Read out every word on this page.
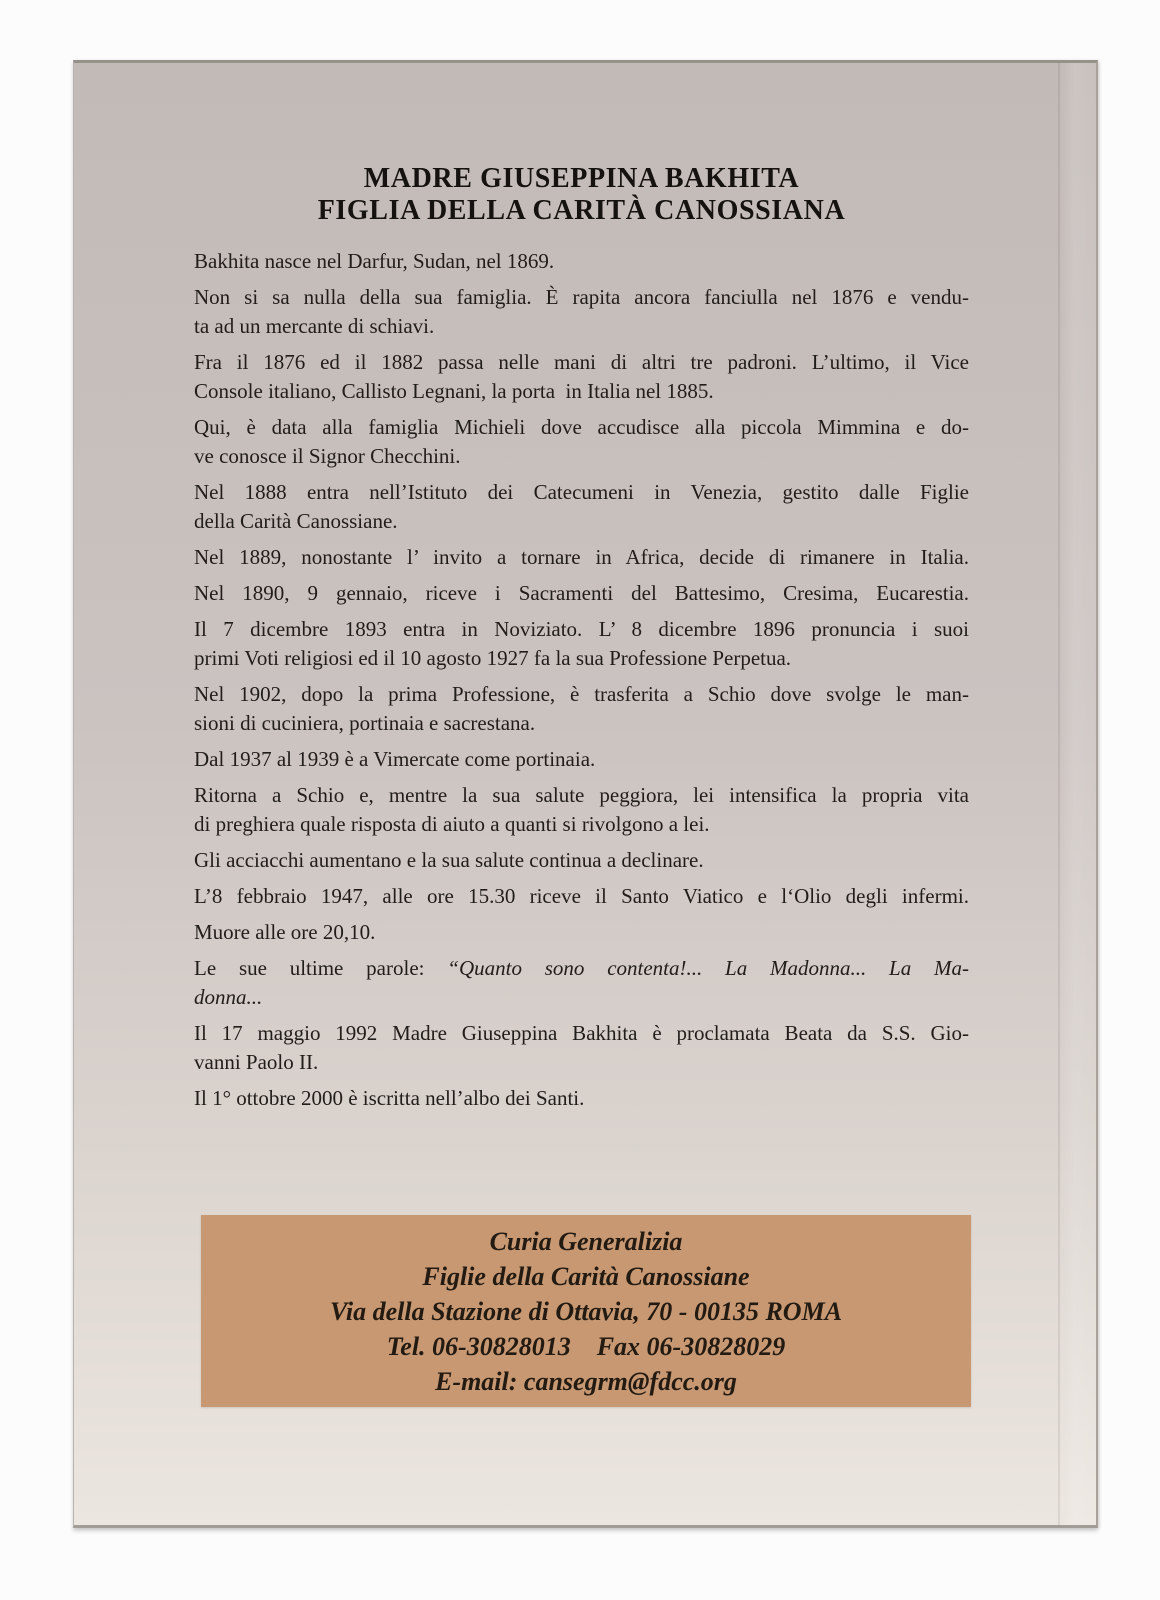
MADRE GIUSEPPINA BAKHITA
FIGLIA DELLA CARITÀ CANOSSIANA

Bakhita nasce nel Darfur, Sudan, nel 1869.

Non si sa nulla della sua famiglia. È rapita ancora fanciulla nel 1876 e vendu-
ta ad un mercante di schiavi.

Fra il 1876 ed il 1882 passa nelle mani di altri tre padroni. L’ultimo, il Vice
Console italiano, Callisto Legnani, la porta  in Italia nel 1885.

Qui, è data alla famiglia Michieli dove accudisce alla piccola Mimmina e do-
ve conosce il Signor Checchini.

Nel 1888 entra nell’Istituto dei Catecumeni in Venezia, gestito dalle Figlie
della Carità Canossiane.

Nel 1889, nonostante l’ invito a tornare in Africa, decide di rimanere in Italia.

Nel 1890, 9 gennaio, riceve i Sacramenti del Battesimo, Cresima, Eucarestia.

Il 7 dicembre 1893 entra in Noviziato. L’ 8 dicembre 1896 pronuncia i suoi
primi Voti religiosi ed il 10 agosto 1927 fa la sua Professione Perpetua.

Nel 1902, dopo la prima Professione, è trasferita a Schio dove svolge le man-
sioni di cuciniera, portinaia e sacrestana.

Dal 1937 al 1939 è a Vimercate come portinaia.

Ritorna a Schio e, mentre la sua salute peggiora, lei intensifica la propria vita
di preghiera quale risposta di aiuto a quanti si rivolgono a lei.

Gli acciacchi aumentano e la sua salute continua a declinare.

L’8 febbraio 1947, alle ore 15.30 riceve il Santo Viatico e l‘Olio degli infermi.

Muore alle ore 20,10.

Le sue ultime parole: “Quanto sono contenta!... La Madonna... La Ma-
donna...

Il 17 maggio 1992 Madre Giuseppina Bakhita è proclamata Beata da S.S. Gio-
vanni Paolo II.

Il 1° ottobre 2000 è iscritta nell’albo dei Santi.

Curia Generalizia
Figlie della Carità Canossiane
Via della Stazione di Ottavia, 70 - 00135 ROMA
Tel. 06-30828013    Fax 06-30828029
E-mail: cansegrm@fdcc.org
